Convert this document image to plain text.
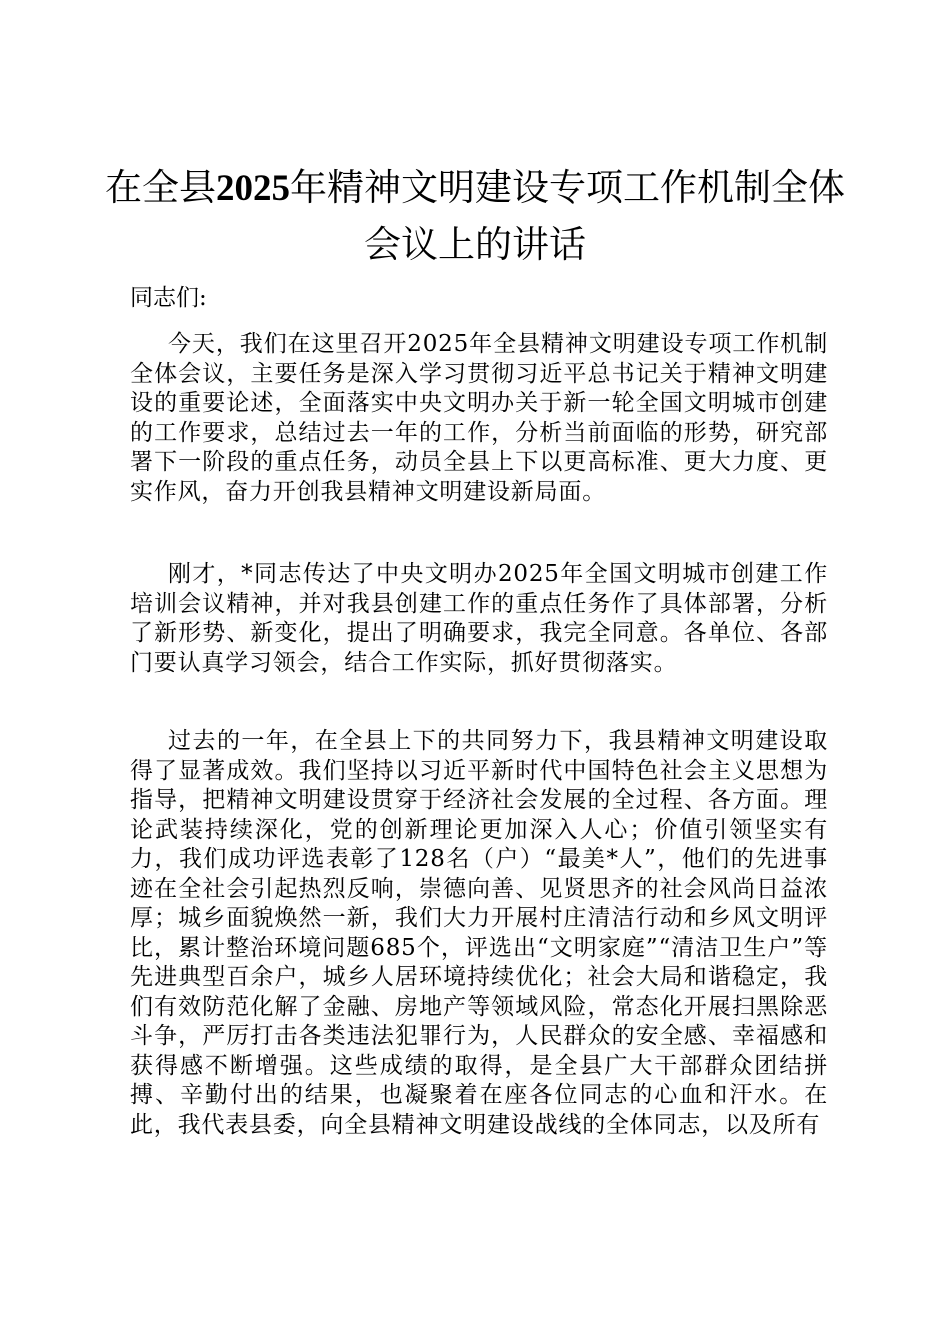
在全县2025年精神文明建设专项工作机制全体会议上的讲话

同志们:

今天，我们在这里召开2025年全县精神文明建设专项工作机制全体会议，主要任务是深入学习贯彻习近平总书记关于精神文明建设的重要论述，全面落实中央文明办关于新一轮全国文明城市创建的工作要求，总结过去一年的工作，分析当前面临的形势，研究部署下一阶段的重点任务，动员全县上下以更高标准、更大力度、更实作风，奋力开创我县精神文明建设新局面。

刚才，*同志传达了中央文明办2025年全国文明城市创建工作培训会议精神，并对我县创建工作的重点任务作了具体部署，分析了新形势、新变化，提出了明确要求，我完全同意。各单位、各部门要认真学习领会，结合工作实际，抓好贯彻落实。

过去的一年，在全县上下的共同努力下，我县精神文明建设取得了显著成效。我们坚持以习近平新时代中国特色社会主义思想为指导，把精神文明建设贯穿于经济社会发展的全过程、各方面。理论武装持续深化，党的创新理论更加深入人心；价值引领坚实有力，我们成功评选表彰了128名（户）“最美*人”，他们的先进事迹在全社会引起热烈反响，崇德向善、见贤思齐的社会风尚日益浓厚；城乡面貌焕然一新，我们大力开展村庄清洁行动和乡风文明评比，累计整治环境问题685个，评选出“文明家庭”“清洁卫生户”等先进典型百余户，城乡人居环境持续优化；社会大局和谐稳定，我们有效防范化解了金融、房地产等领域风险，常态化开展扫黑除恶斗争，严厉打击各类违法犯罪行为，人民群众的安全感、幸福感和获得感不断增强。这些成绩的取得，是全县广大干部群众团结拼搏、辛勤付出的结果，也凝聚着在座各位同志的心血和汗水。在此，我代表县委，向全县精神文明建设战线的全体同志，以及所有
